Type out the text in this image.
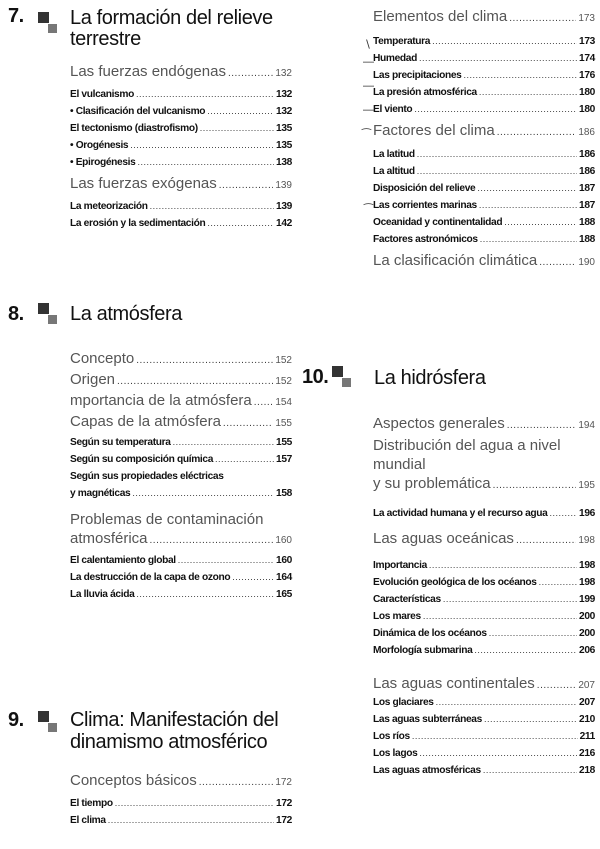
7. La formación del relieve
terrestre
Las fuerzas endógenas .....	132
El vulcanismo .....	132
• Clasificación del vulcanismo .....	132
El tectonismo (diastrofismo) .....	135
• Orogénesis .....	135
• Epirogénesis .....	138
Las fuerzas exógenas .....	139
La meteorización .....	139
La erosión y la sedimentación .....	142
8. La atmósfera
Concepto .....	152
Origen .....	152
mportancia de la atmósfera ..... 154
Capas de la atmósfera .....	155
Según su temperatura .....	155
Según su composición química .....	157
Según sus propiedades eléctricas
y magnéticas .....	158
Problemas de contaminación
atmosférica .....	160
El calentamiento global .....	160
La destrucción de la capa de ozono .....	164
La lluvia ácida .....	165
9. Clima: Manifestación del
dinamismo atmosférico
Conceptos básicos .....	172
El tiempo .....	172
El clima .....	172
Elementos del clima .....	173
Temperatura .....	173
Humedad .....	174
Las precipitaciones .....	176
La presión atmosférica .....	180
El viento .....	180
Factores del clima .....	186
La latitud .....	186
La altitud .....	186
Disposición del relieve .....	187
Las corrientes marinas .....	187
Oceanidad y continentalidad .....	188
Factores astronómicos .....	188
La clasificación climática .....	190
∖
—
—
—
⁀
⁀
10. La hidrósfera
Aspectos generales .....	194
Distribución del agua a nivel mundial
y su problemática .....	195
La actividad humana y el recurso agua .....	196
Las aguas oceánicas .....	198
Importancia .....	198
Evolución geológica de los océanos .....	198
Características .....	199
Los mares .....	200
Dinámica de los océanos .....	200
Morfología submarina .....	206
Las aguas continentales .....	207
Los glaciares .....	207
Las aguas subterráneas .....	210
Los ríos .....	211
Los lagos .....	216
Las aguas atmosféricas .....	218
